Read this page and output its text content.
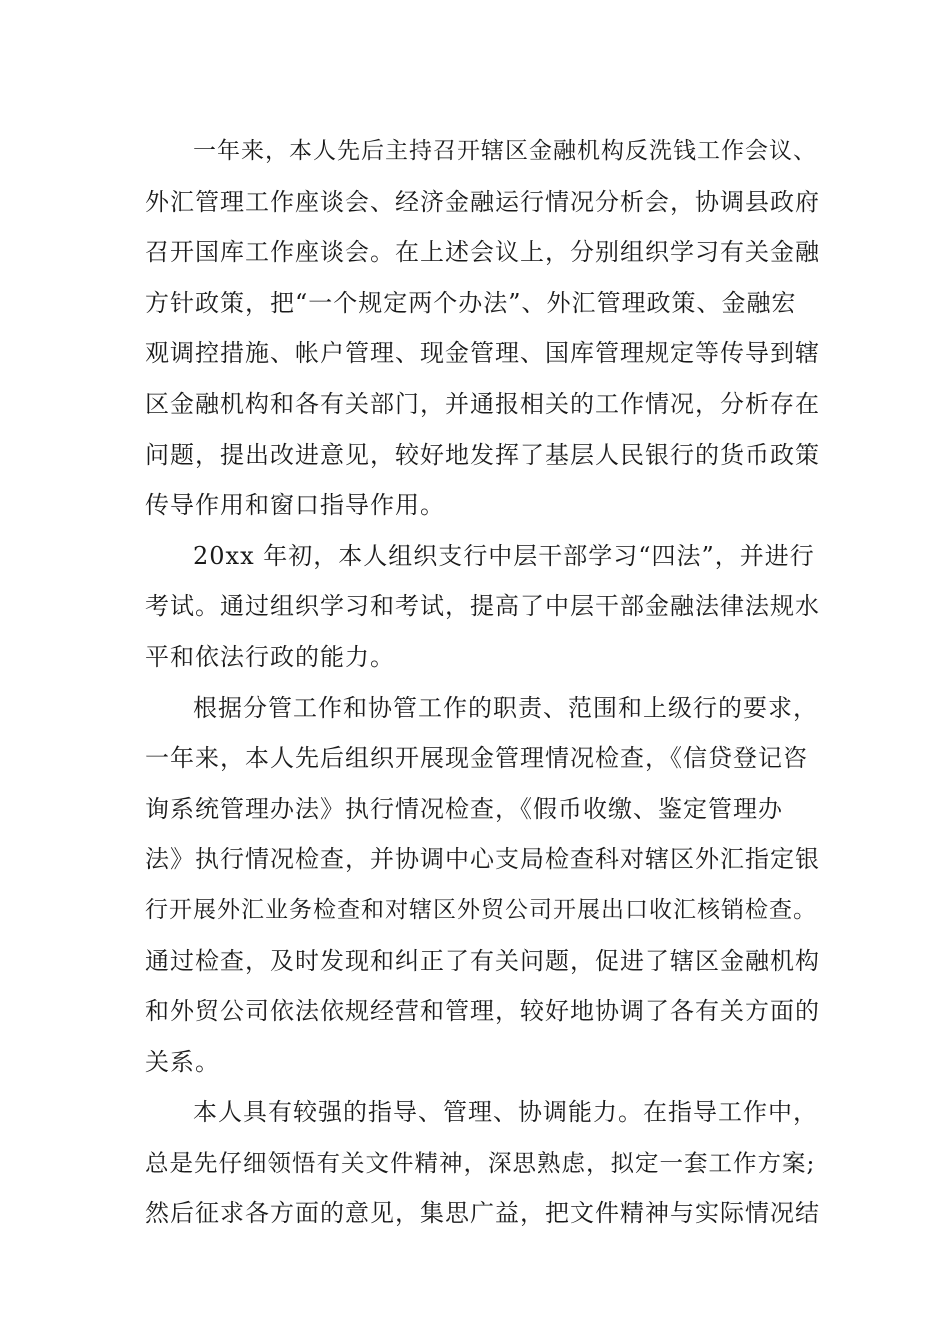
一年来，本人先后主持召开辖区金融机构反洗钱工作会议、
外汇管理工作座谈会、经济金融运行情况分析会，协调县政府
召开国库工作座谈会。在上述会议上，分别组织学习有关金融
方针政策，把“一个规定两个办法”、外汇管理政策、金融宏
观调控措施、帐户管理、现金管理、国库管理规定等传导到辖
区金融机构和各有关部门，并通报相关的工作情况，分析存在
问题，提出改进意见，较好地发挥了基层人民银行的货币政策
传导作用和窗口指导作用。
20xx 年初，本人组织支行中层干部学习“四法”，并进行
考试。通过组织学习和考试，提高了中层干部金融法律法规水
平和依法行政的能力。
根据分管工作和协管工作的职责、范围和上级行的要求，
一年来，本人先后组织开展现金管理情况检查，《信贷登记咨
询系统管理办法》执行情况检查，《假币收缴、鉴定管理办
法》执行情况检查，并协调中心支局检查科对辖区外汇指定银
行开展外汇业务检查和对辖区外贸公司开展出口收汇核销检查。
通过检查，及时发现和纠正了有关问题，促进了辖区金融机构
和外贸公司依法依规经营和管理，较好地协调了各有关方面的
关系。
本人具有较强的指导、管理、协调能力。在指导工作中，
总是先仔细领悟有关文件精神，深思熟虑，拟定一套工作方案;
然后征求各方面的意见，集思广益，把文件精神与实际情况结
